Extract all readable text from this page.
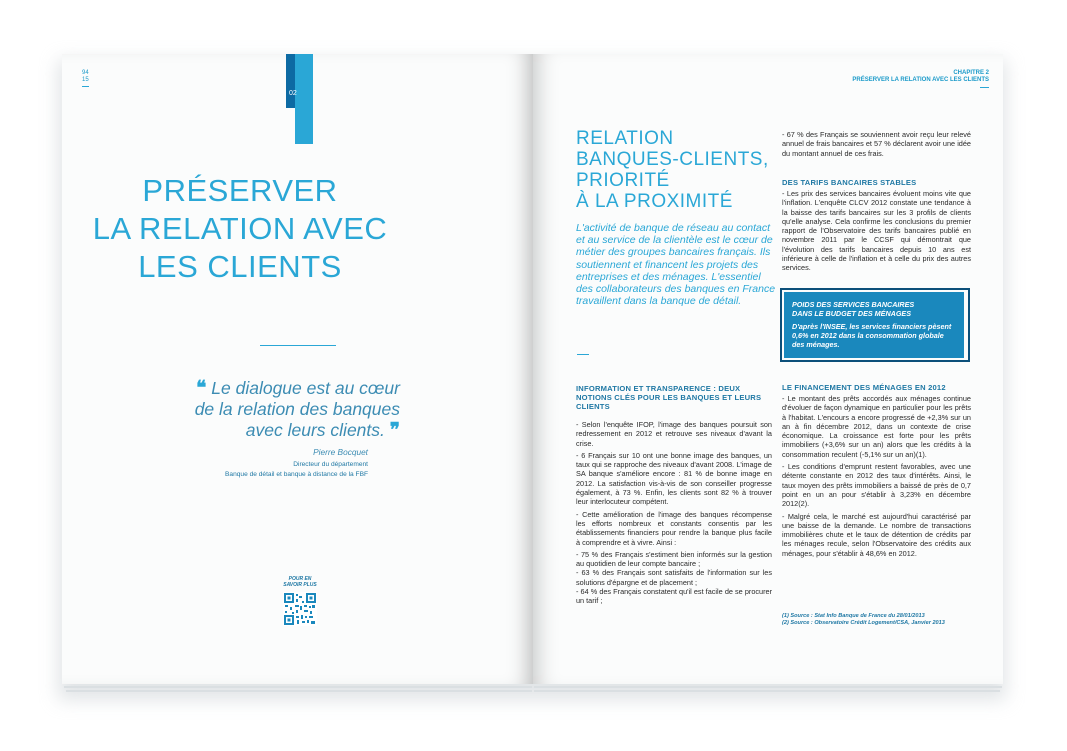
94
15
02
PRÉSERVER
LA RELATION AVEC
LES CLIENTS
❝ Le dialogue est au cœur
de la relation des banques
avec leurs clients. ❞
Pierre Bocquet
Directeur du département
Banque de détail et banque à distance de la FBF
POUR EN
SAVOIR PLUS
CHAPITRE 2
PRÉSERVER LA RELATION AVEC LES CLIENTS
RELATION
BANQUES-CLIENTS,
PRIORITÉ
À LA PROXIMITÉ
L'activité de banque de réseau au contact et au service de la clientèle est le cœur de métier des groupes bancaires français. Ils soutiennent et financent les projets des entreprises et des ménages. L'essentiel des collaborateurs des banques en France travaillent dans la banque de détail.
INFORMATION ET TRANSPARENCE : DEUX NOTIONS CLÉS POUR LES BANQUES ET LEURS CLIENTS

- Selon l'enquête IFOP, l'image des banques poursuit son redressement en 2012 et retrouve ses niveaux d'avant la crise.

- 6 Français sur 10 ont une bonne image des banques, un taux qui se rapproche des niveaux d'avant 2008. L'image de SA banque s'améliore encore : 81 % de bonne image en 2012. La satisfaction vis-à-vis de son conseiller progresse également, à 73 %. Enfin, les clients sont 82 % à trouver leur interlocuteur compétent.

- Cette amélioration de l'image des banques récompense les efforts nombreux et constants consentis par les établissements financiers pour rendre la banque plus facile à comprendre et à vivre. Ainsi :

- 75 % des Français s'estiment bien informés sur la gestion au quotidien de leur compte bancaire ;

- 63 % des Français sont satisfaits de l'information sur les solutions d'épargne et de placement ;

- 64 % des Français constatent qu'il est facile de se procurer un tarif ;

- 67 % des Français se souviennent avoir reçu leur relevé annuel de frais bancaires et 57 % déclarent avoir une idée du montant annuel de ces frais.
DES TARIFS BANCAIRES STABLES
- Les prix des services bancaires évoluent moins vite que l'inflation. L'enquête CLCV 2012 constate une tendance à la baisse des tarifs bancaires sur les 3 profils de clients qu'elle analyse. Cela confirme les conclusions du premier rapport de l'Observatoire des tarifs bancaires publié en novembre 2011 par le CCSF qui démontrait que l'évolution des tarifs bancaires depuis 10 ans est inférieure à celle de l'inflation et à celle du prix des autres services.
POIDS DES SERVICES BANCAIRES
DANS LE BUDGET DES MÉNAGES
D'après l'INSEE, les services financiers pèsent 0,6% en 2012 dans la consommation globale des ménages.
LE FINANCEMENT DES MÉNAGES EN 2012

- Le montant des prêts accordés aux ménages continue d'évoluer de façon dynamique en particulier pour les prêts à l'habitat. L'encours a encore progressé de +2,3% sur un an à fin décembre 2012, dans un contexte de crise économique. La croissance est forte pour les prêts immobiliers (+3,6% sur un an) alors que les crédits à la consommation reculent (-5,1% sur un an)(1).

- Les conditions d'emprunt restent favorables, avec une détente constante en 2012 des taux d'intérêts. Ainsi, le taux moyen des prêts immobiliers a baissé de près de 0,7 point en un an pour s'établir à 3,23% en décembre 2012(2).

- Malgré cela, le marché est aujourd'hui caractérisé par une baisse de la demande. Le nombre de transactions immobilières chute et le taux de détention de crédits par les ménages recule, selon l'Observatoire des crédits aux ménages, pour s'établir à 48,6% en 2012.

(1) Source : Stat Info Banque de France du 28/01/2013
(2) Source : Observatoire Crédit Logement/CSA, Janvier 2013
